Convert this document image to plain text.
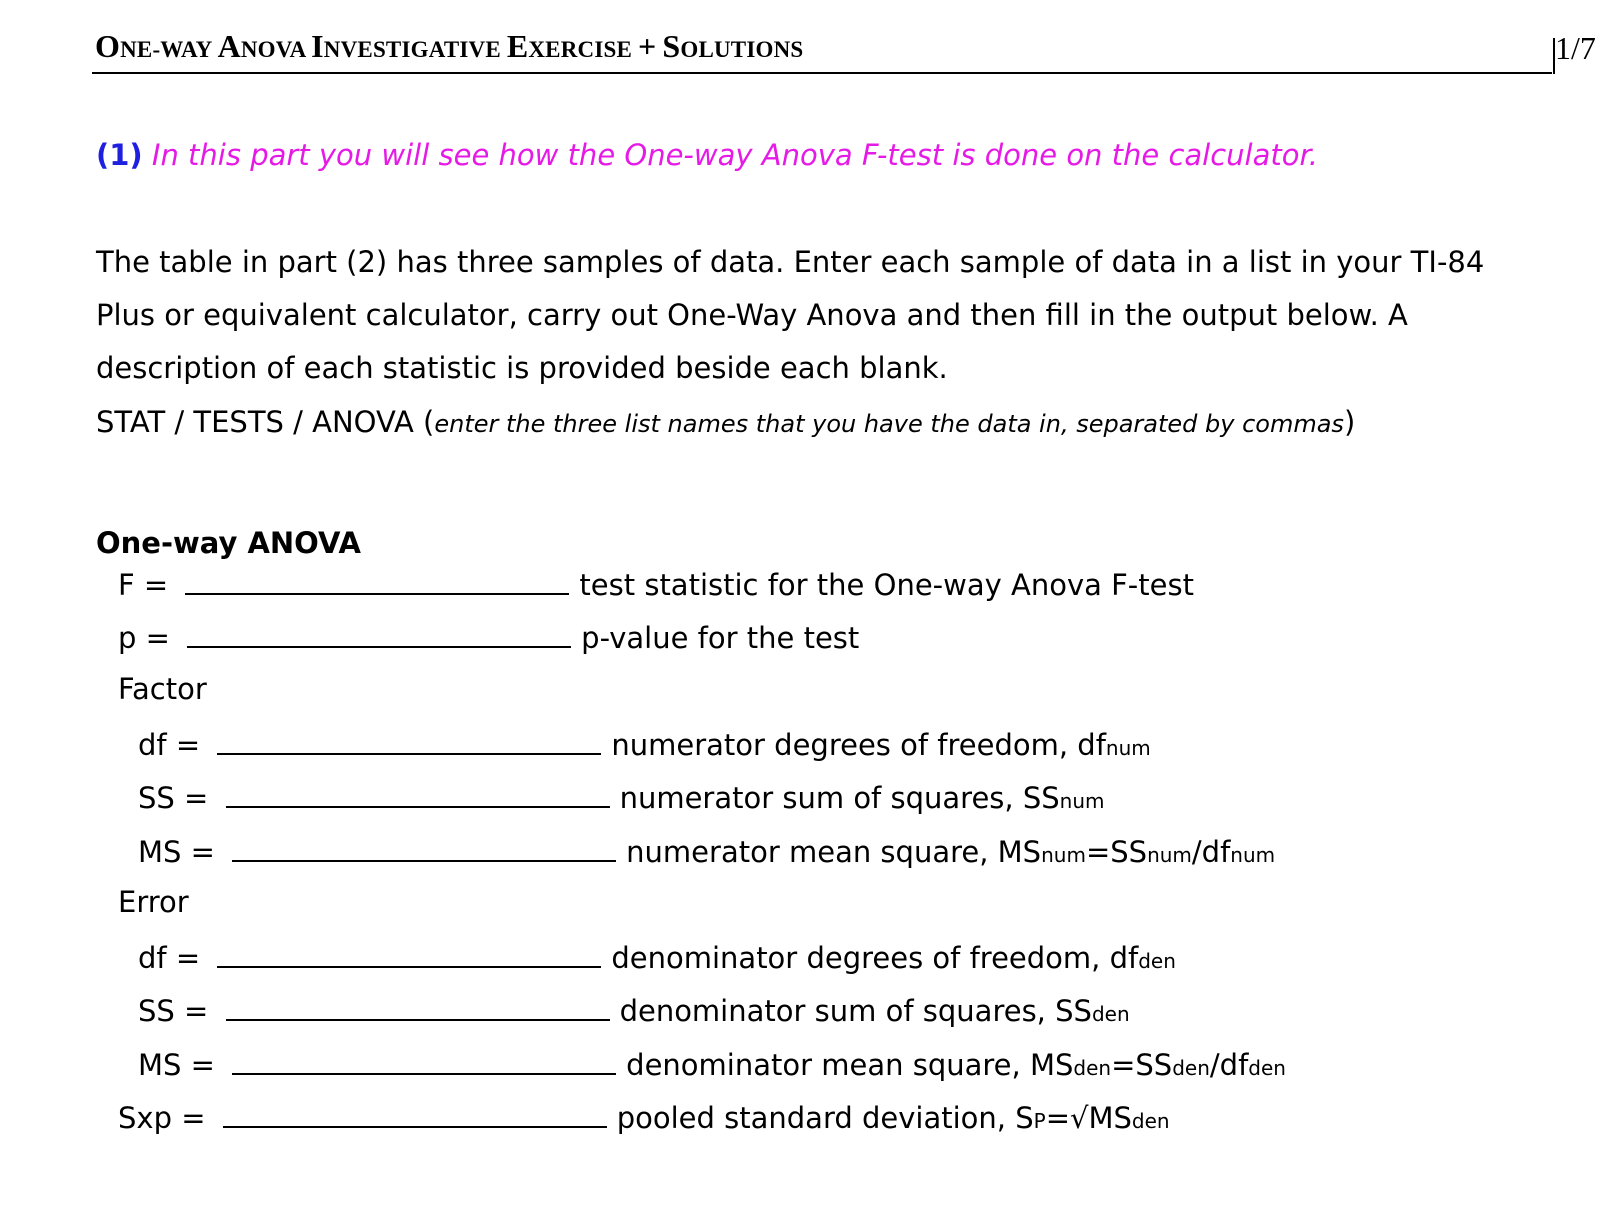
ONE-WAY ANOVA INVESTIGATIVE EXERCISE + SOLUTIONS	1/7
(1) In this part you will see how the One-way Anova F-test is done on the calculator.
The table in part (2) has three samples of data. Enter each sample of data in a list in your TI-84
Plus or equivalent calculator, carry out One-Way Anova and then fill in the output below. A
description of each statistic is provided beside each blank.
STAT / TESTS / ANOVA (enter the three list names that you have the data in, separated by commas)
One-way ANOVA
F =	test statistic for the One-way Anova F-test
p =	p-value for the test
Factor
df =	numerator degrees of freedom, dfnum
SS =	numerator sum of squares, SSnum
MS =	numerator mean square, MSnum=SSnum/dfnum
Error
df =	denominator degrees of freedom, dfden
SS =	denominator sum of squares, SSden
MS =	denominator mean square, MSden=SSden/dfden
Sxp =	pooled standard deviation, SP=√MSden
